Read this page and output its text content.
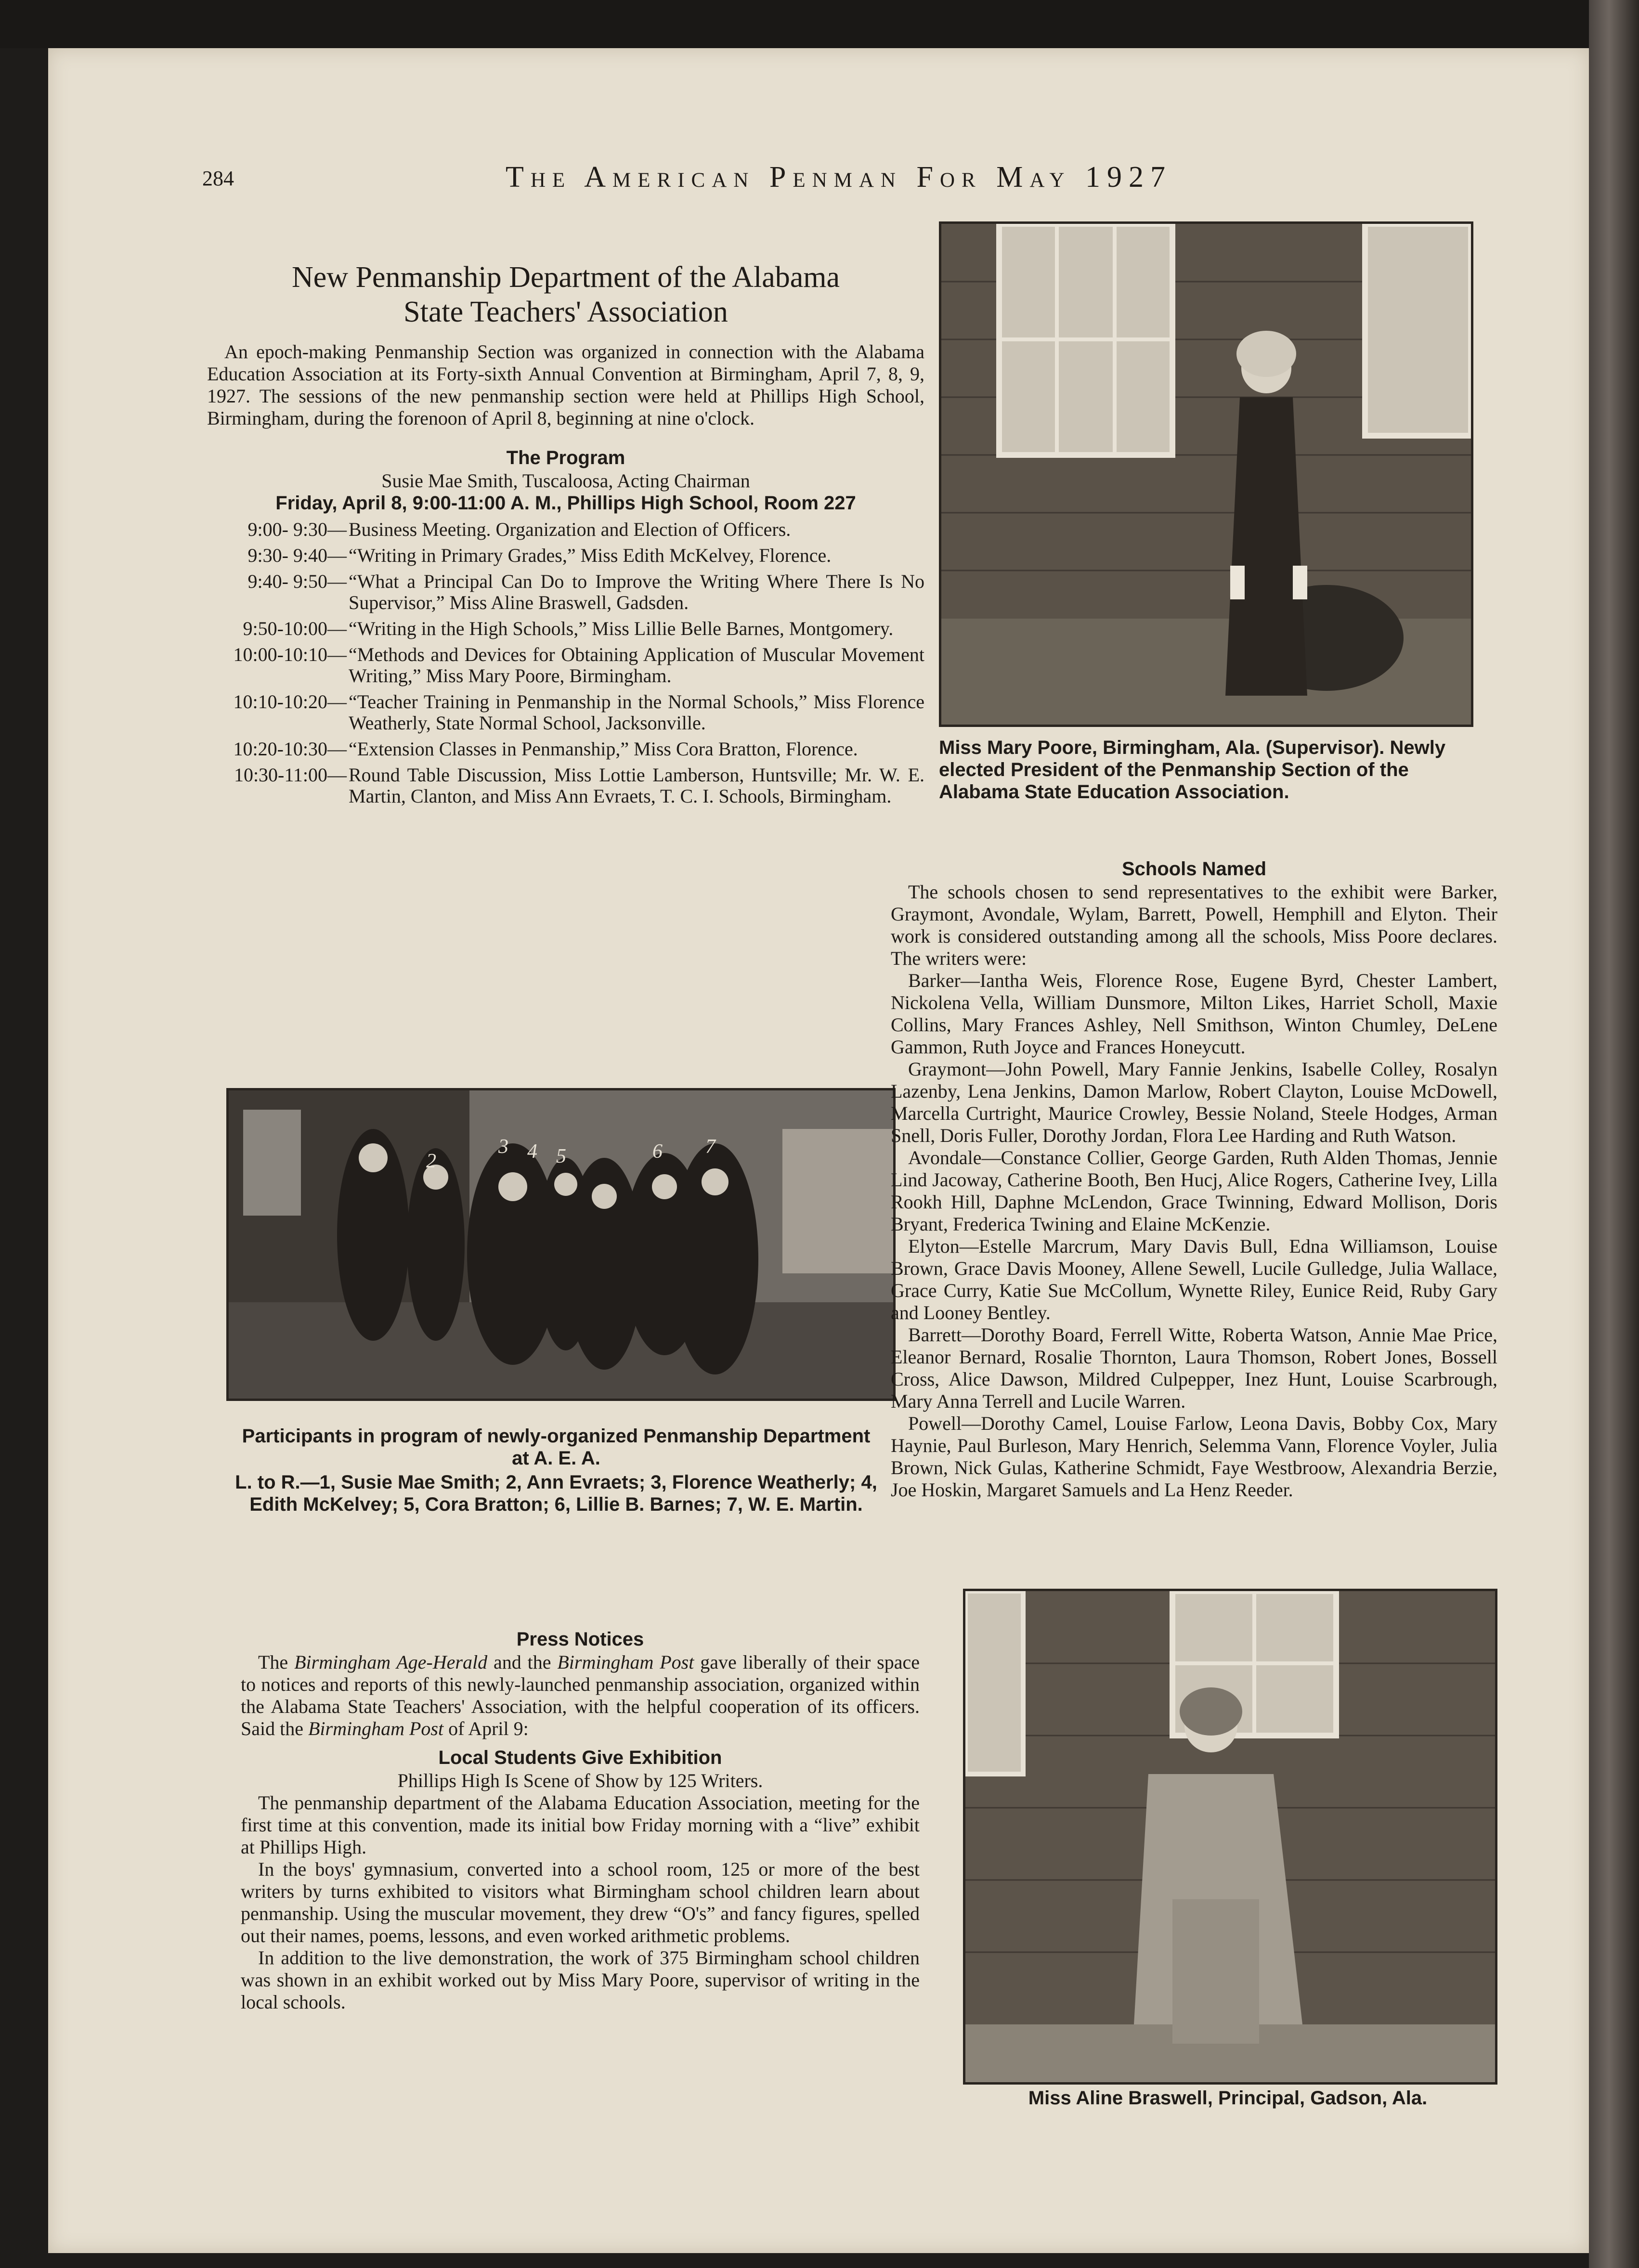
284	The American Penman For May 1927
New Penmanship Department of the Alabama
State Teachers' Association

An epoch-making Penmanship Section was organized in connection with the Alabama Education Association at its Forty-sixth Annual Convention at Birmingham, April 7, 8, 9, 1927. The sessions of the new penmanship section were held at Phillips High School, Birmingham, during the forenoon of April 8, beginning at nine o'clock.

The Program
Susie Mae Smith, Tuscaloosa, Acting Chairman
Friday, April 8, 9:00-11:00 A. M., Phillips High School, Room 227
9:00- 9:30— Business Meeting. Organization and Election of Officers.
9:30- 9:40— “Writing in Primary Grades,” Miss Edith McKelvey, Florence.
9:40- 9:50— “What a Principal Can Do to Improve the Writing Where There Is No Supervisor,” Miss Aline Braswell, Gadsden.
9:50-10:00— “Writing in the High Schools,” Miss Lillie Belle Barnes, Montgomery.
10:00-10:10— “Methods and Devices for Obtaining Application of Muscular Movement Writing,” Miss Mary Poore, Birmingham.
10:10-10:20— “Teacher Training in Penmanship in the Normal Schools,” Miss Florence Weatherly, State Normal School, Jacksonville.
10:20-10:30— “Extension Classes in Penmanship,” Miss Cora Bratton, Florence.
10:30-11:00— Round Table Discussion, Miss Lottie Lamberson, Huntsville; Mr. W. E. Martin, Clanton, and Miss Ann Evraets, T. C. I. Schools, Birmingham.
2
3 4 5	6 7
Participants in program of newly-organized Penmanship Department at A. E. A.
L. to R.—1, Susie Mae Smith; 2, Ann Evraets; 3, Florence Weatherly; 4, Edith McKelvey; 5, Cora Bratton; 6, Lillie B. Barnes; 7, W. E. Martin.
Press Notices

The Birmingham Age-Herald and the Birmingham Post gave liberally of their space to notices and reports of this newly-launched penmanship association, organized within the Alabama State Teachers' Association, with the helpful cooperation of its officers. Said the Birmingham Post of April 9:

Local Students Give Exhibition
Phillips High Is Scene of Show by 125 Writers.

The penmanship department of the Alabama Education Association, meeting for the first time at this convention, made its initial bow Friday morning with a “live” exhibit at Phillips High.

In the boys' gymnasium, converted into a school room, 125 or more of the best writers by turns exhibited to visitors what Birmingham school children learn about penmanship. Using the muscular movement, they drew “O's” and fancy figures, spelled out their names, poems, lessons, and even worked arithmetic problems.

In addition to the live demonstration, the work of 375 Birmingham school children was shown in an exhibit worked out by Miss Mary Poore, supervisor of writing in the local schools.

Miss Mary Poore, Birmingham, Ala. (Supervisor). Newly elected President of the Penmanship Section of the Alabama State Education Association.
Schools Named

The schools chosen to send representatives to the exhibit were Barker, Graymont, Avondale, Wylam, Barrett, Powell, Hemphill and Elyton. Their work is considered outstanding among all the schools, Miss Poore declares. The writers were:

Barker—Iantha Weis, Florence Rose, Eugene Byrd, Chester Lambert, Nickolena Vella, William Dunsmore, Milton Likes, Harriet Scholl, Maxie Collins, Mary Frances Ashley, Nell Smithson, Winton Chumley, DeLene Gammon, Ruth Joyce and Frances Honeycutt.

Graymont—John Powell, Mary Fannie Jenkins, Isabelle Colley, Rosalyn Lazenby, Lena Jenkins, Damon Marlow, Robert Clayton, Louise McDowell, Marcella Curtright, Maurice Crowley, Bessie Noland, Steele Hodges, Arman Snell, Doris Fuller, Dorothy Jordan, Flora Lee Harding and Ruth Watson.

Avondale—Constance Collier, George Garden, Ruth Alden Thomas, Jennie Lind Jacoway, Catherine Booth, Ben Hucj, Alice Rogers, Catherine Ivey, Lilla Rookh Hill, Daphne McLendon, Grace Twinning, Edward Mollison, Doris Bryant, Frederica Twining and Elaine McKenzie.

Elyton—Estelle Marcrum, Mary Davis Bull, Edna Williamson, Louise Brown, Grace Davis Mooney, Allene Sewell, Lucile Gulledge, Julia Wallace, Grace Curry, Katie Sue McCollum, Wynette Riley, Eunice Reid, Ruby Gary and Looney Bentley.

Barrett—Dorothy Board, Ferrell Witte, Roberta Watson, Annie Mae Price, Eleanor Bernard, Rosalie Thornton, Laura Thomson, Robert Jones, Bossell Cross, Alice Dawson, Mildred Culpepper, Inez Hunt, Louise Scarbrough, Mary Anna Terrell and Lucile Warren.

Powell—Dorothy Camel, Louise Farlow, Leona Davis, Bobby Cox, Mary Haynie, Paul Burleson, Mary Henrich, Selemma Vann, Florence Voyler, Julia Brown, Nick Gulas, Katherine Schmidt, Faye Westbroow, Alexandria Berzie, Joe Hoskin, Margaret Samuels and La Henz Reeder.

Miss Aline Braswell, Principal, Gadson, Ala.
